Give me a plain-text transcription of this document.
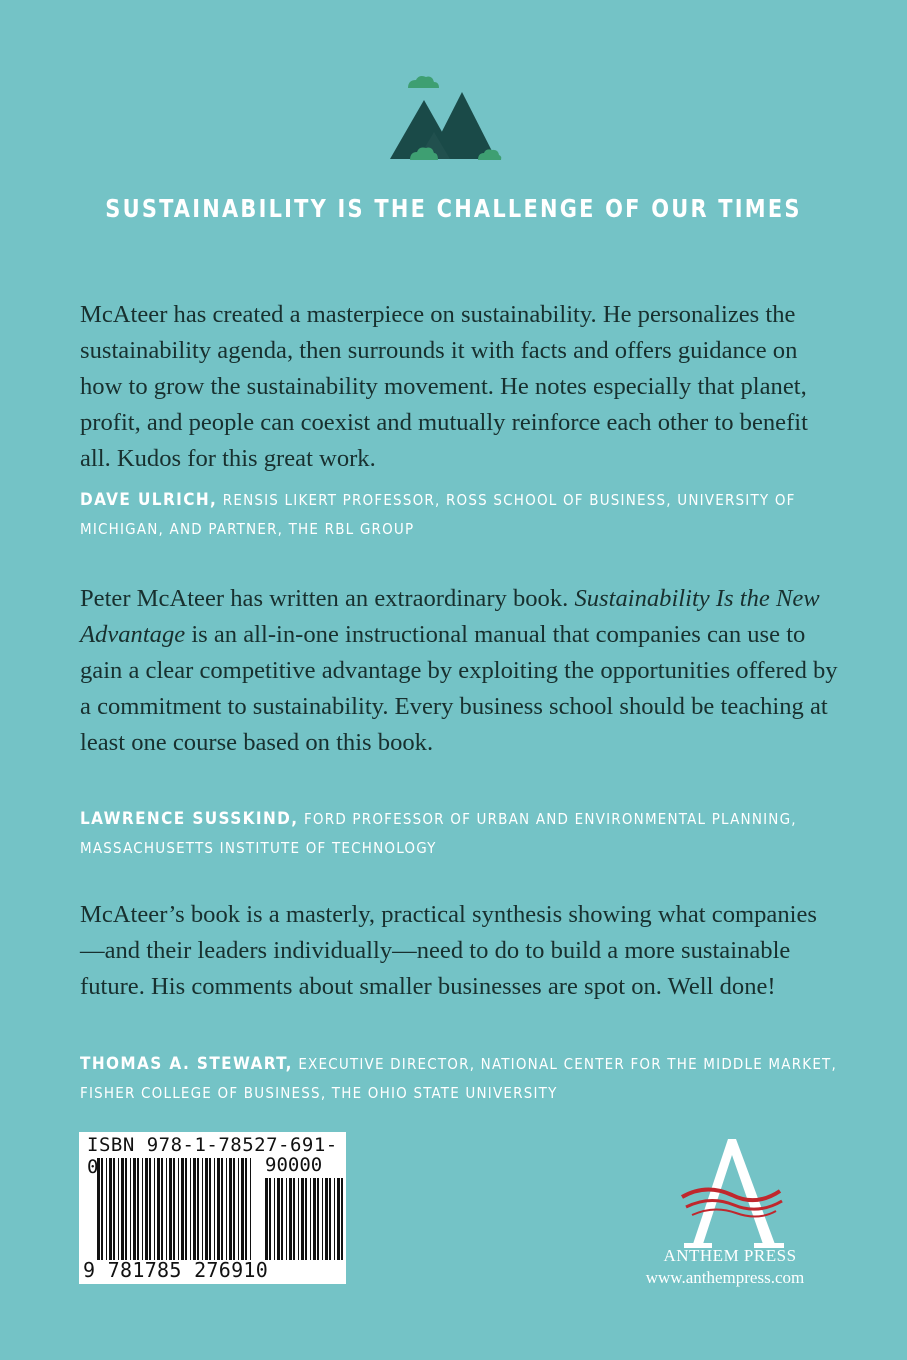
SUSTAINABILITY IS THE CHALLENGE OF OUR TIMES

McAteer has created a masterpiece on sustainability. He personalizes the sustainability agenda, then surrounds it with facts and offers guidance on how to grow the sustainability movement. He notes especially that planet, profit, and people can coexist and mutually reinforce each other to benefit all. Kudos for this great work.

DAVE ULRICH, RENSIS LIKERT PROFESSOR, ROSS SCHOOL OF BUSINESS, UNIVERSITY OF MICHIGAN, AND PARTNER, THE RBL GROUP

Peter McAteer has written an extraordinary book. Sustainability Is the New Advantage is an all-in-one instructional manual that companies can use to gain a clear competitive advantage by exploiting the opportunities offered by a commitment to sustainability. Every business school should be teaching at least one course based on this book.

LAWRENCE SUSSKIND, FORD PROFESSOR OF URBAN AND ENVIRONMENTAL PLANNING, MASSACHUSETTS INSTITUTE OF TECHNOLOGY

McAteer’s book is a masterly, practical synthesis showing what companies—and their leaders individually—need to do to build a more sustainable future. His comments about smaller businesses are spot on. Well done!

THOMAS A. STEWART, EXECUTIVE DIRECTOR, NATIONAL CENTER FOR THE MIDDLE MARKET, FISHER COLLEGE OF BUSINESS, THE OHIO STATE UNIVERSITY

ISBN 978-1-78527-691-0	90000
9 781785 276910
ANTHEM PRESS
www.anthempress.com
